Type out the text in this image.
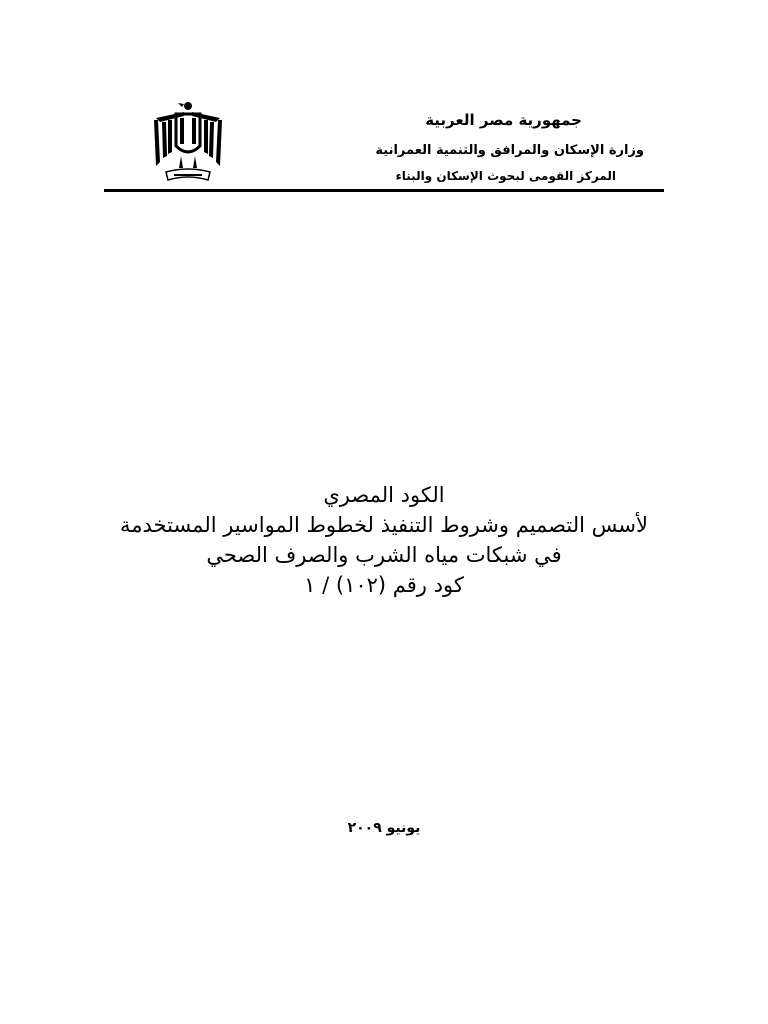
جمهورية مصر العربية
وزارة الإسكان والمرافق والتنمية العمرانية
المركز القومى لبحوث الإسكان والبناء
الكود المصري
لأسس التصميم وشروط التنفيذ لخطوط المواسير المستخدمة
في شبكات مياه الشرب والصرف الصحي
كود رقم (١٠٢) / ١
يونيو ٢٠٠٩
